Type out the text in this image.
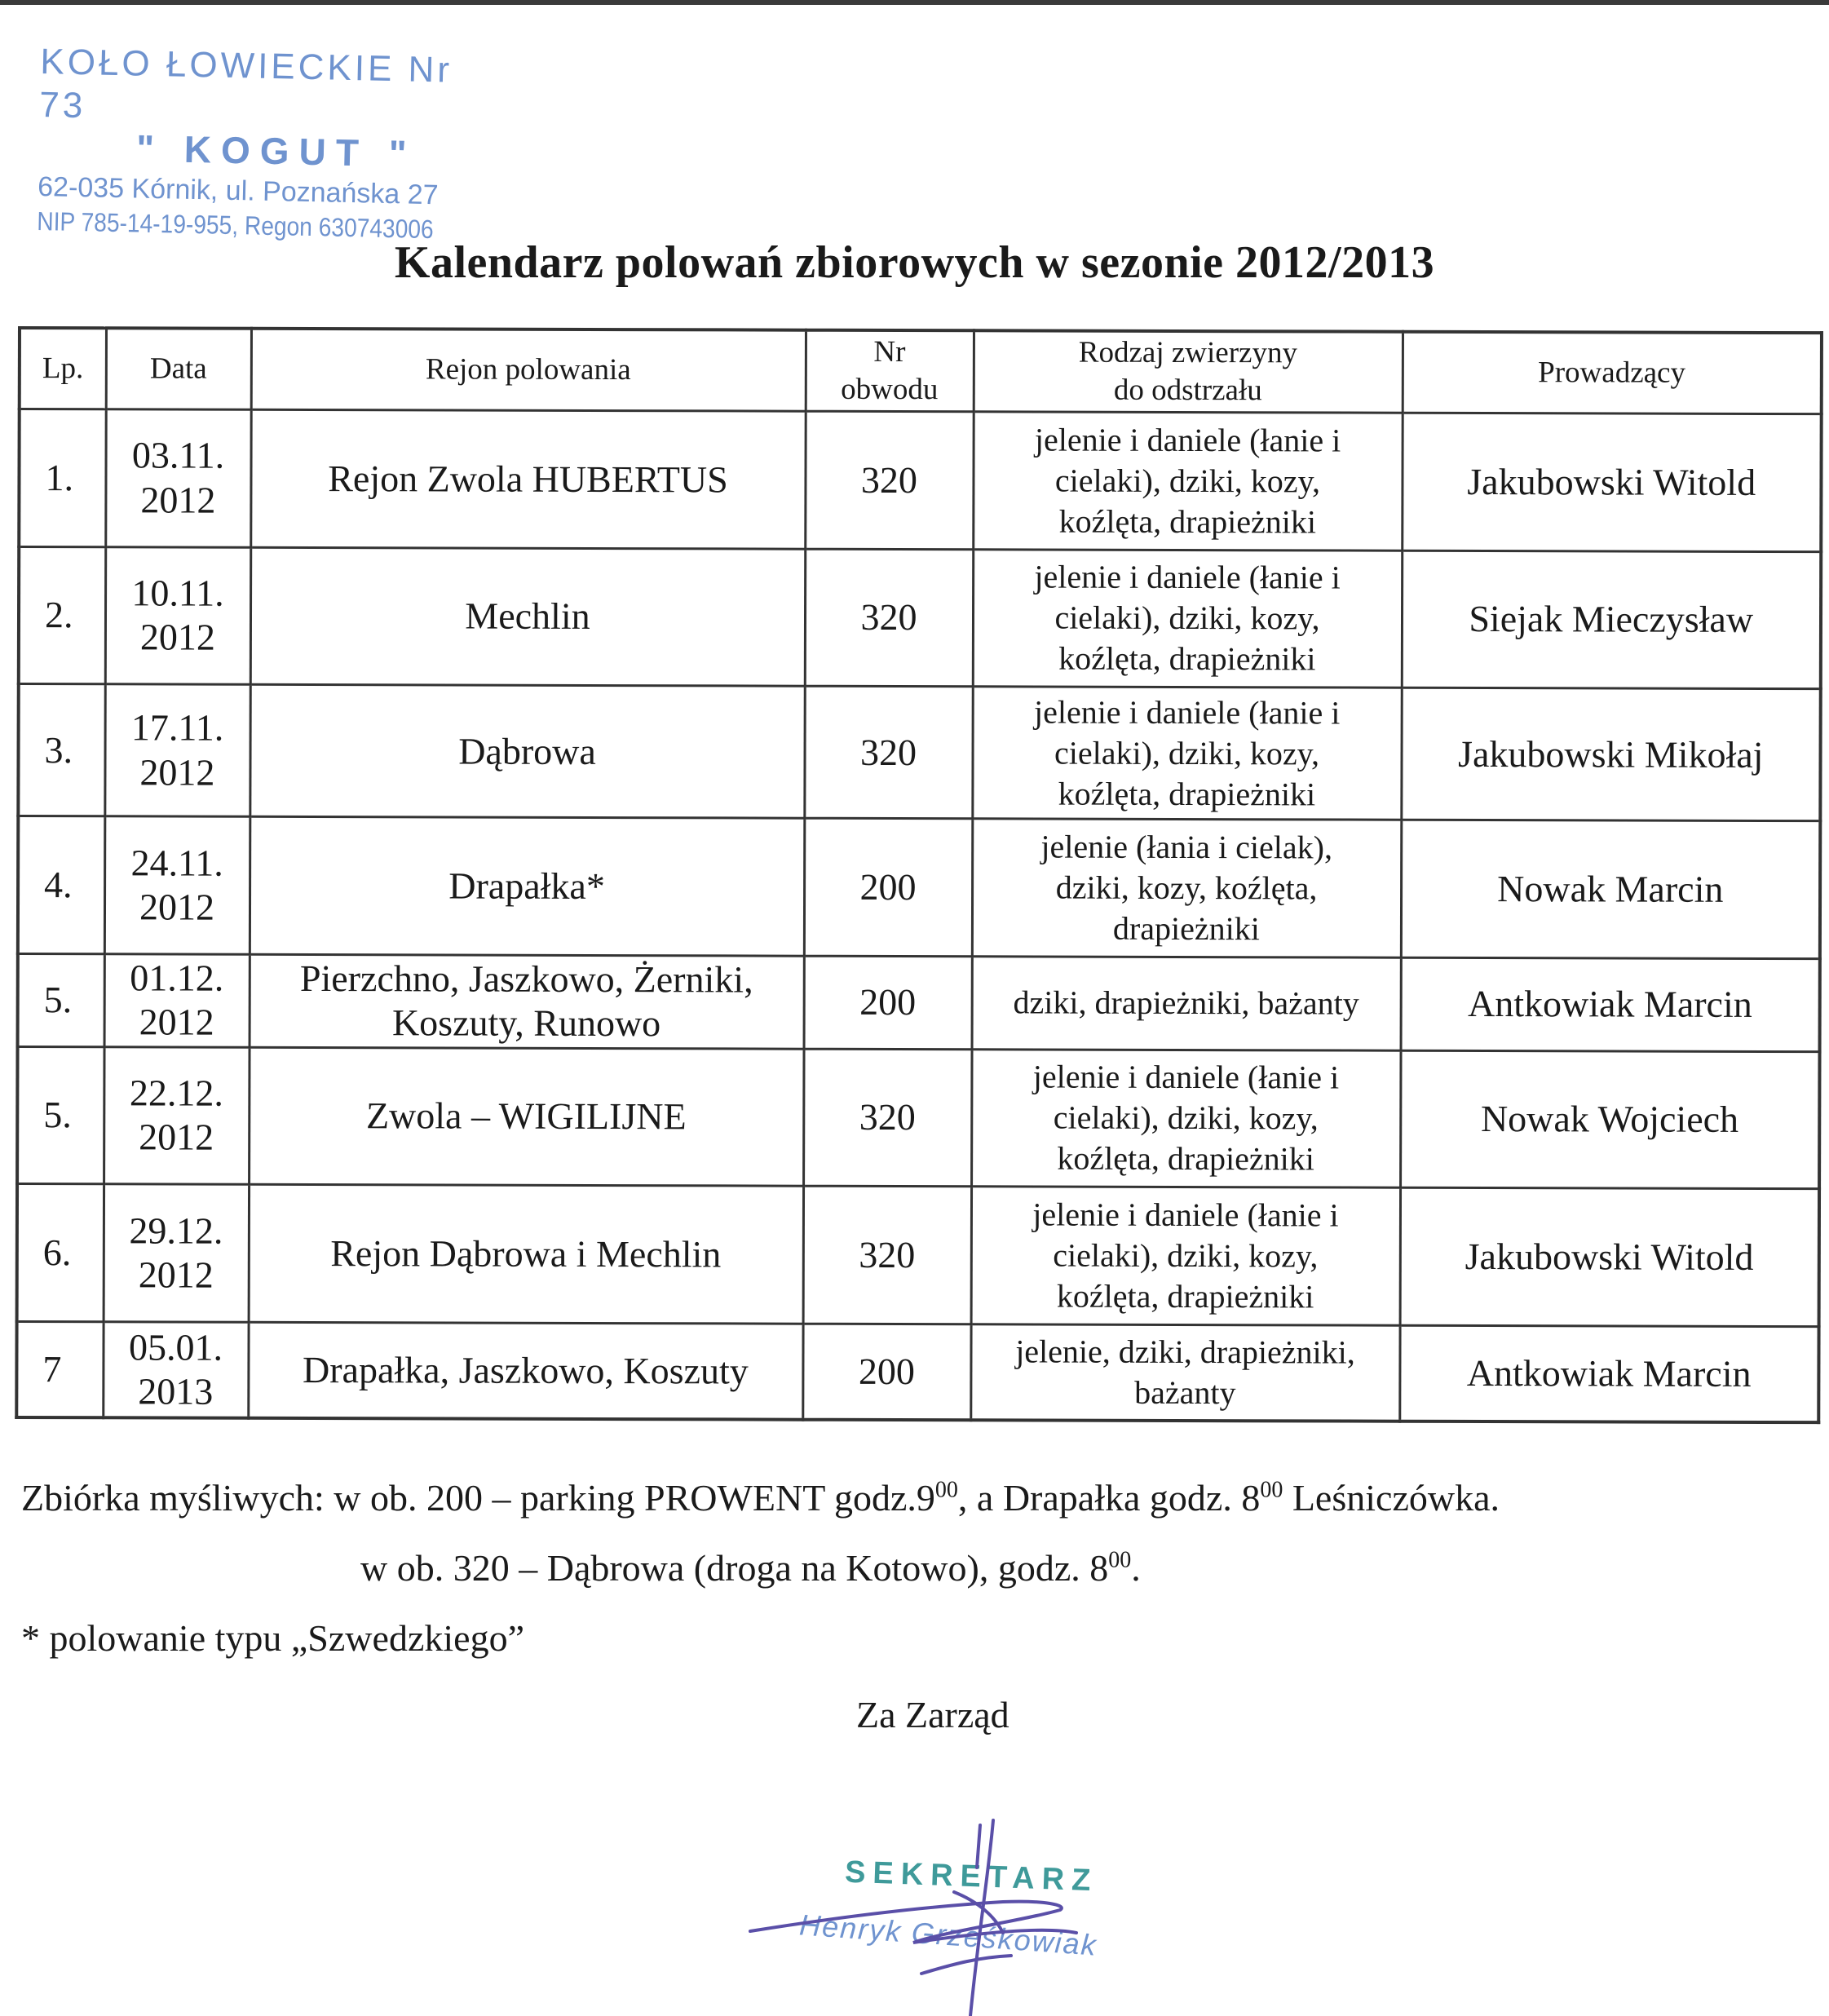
KOŁO ŁOWIECKIE Nr 73
" KOGUT "
62-035 Kórnik, ul. Poznańska 27
NIP 785-14-19-955, Regon 630743006
Kalendarz polowań zbiorowych w sezonie 2012/2013
Lp.	Data	Rejon polowania	Nr
obwodu	Rodzaj zwierzyny
do odstrzału	Prowadzący
1.	03.11.
2012	Rejon Zwola HUBERTUS	320	jelenie i daniele (łanie i
cielaki), dziki, kozy,
koźlęta, drapieżniki	Jakubowski Witold
2.	10.11.
2012	Mechlin	320	jelenie i daniele (łanie i
cielaki), dziki, kozy,
koźlęta, drapieżniki	Siejak Mieczysław
3.	17.11.
2012	Dąbrowa	320	jelenie i daniele (łanie i
cielaki), dziki, kozy,
koźlęta, drapieżniki	Jakubowski Mikołaj
4.	24.11.
2012	Drapałka*	200	jelenie (łania i cielak),
dziki, kozy, koźlęta,
drapieżniki	Nowak Marcin
5.	01.12.
2012	Pierzchno, Jaszkowo, Żerniki,
Koszuty, Runowo	200	dziki, drapieżniki, bażanty	Antkowiak Marcin
5.	22.12.
2012	Zwola – WIGILIJNE	320	jelenie i daniele (łanie i
cielaki), dziki, kozy,
koźlęta, drapieżniki	Nowak Wojciech
6.	29.12.
2012	Rejon Dąbrowa i Mechlin	320	jelenie i daniele (łanie i
cielaki), dziki, kozy,
koźlęta, drapieżniki	Jakubowski Witold
7	05.01.
2013	Drapałka, Jaszkowo, Koszuty	200	jelenie, dziki, drapieżniki,
bażanty	Antkowiak Marcin
Zbiórka myśliwych: w ob. 200 – parking PROWENT $godz.9^{00}$, a Drapałka godz. $8^{00}$ Leśniczówka.
w ob. 320 – Dąbrowa (droga na Kotowo), godz. $8^{00}$.
* polowanie typu „Szwedzkiego”
Za Zarząd
SEKRETARZ
Henryk Grześkowiak
